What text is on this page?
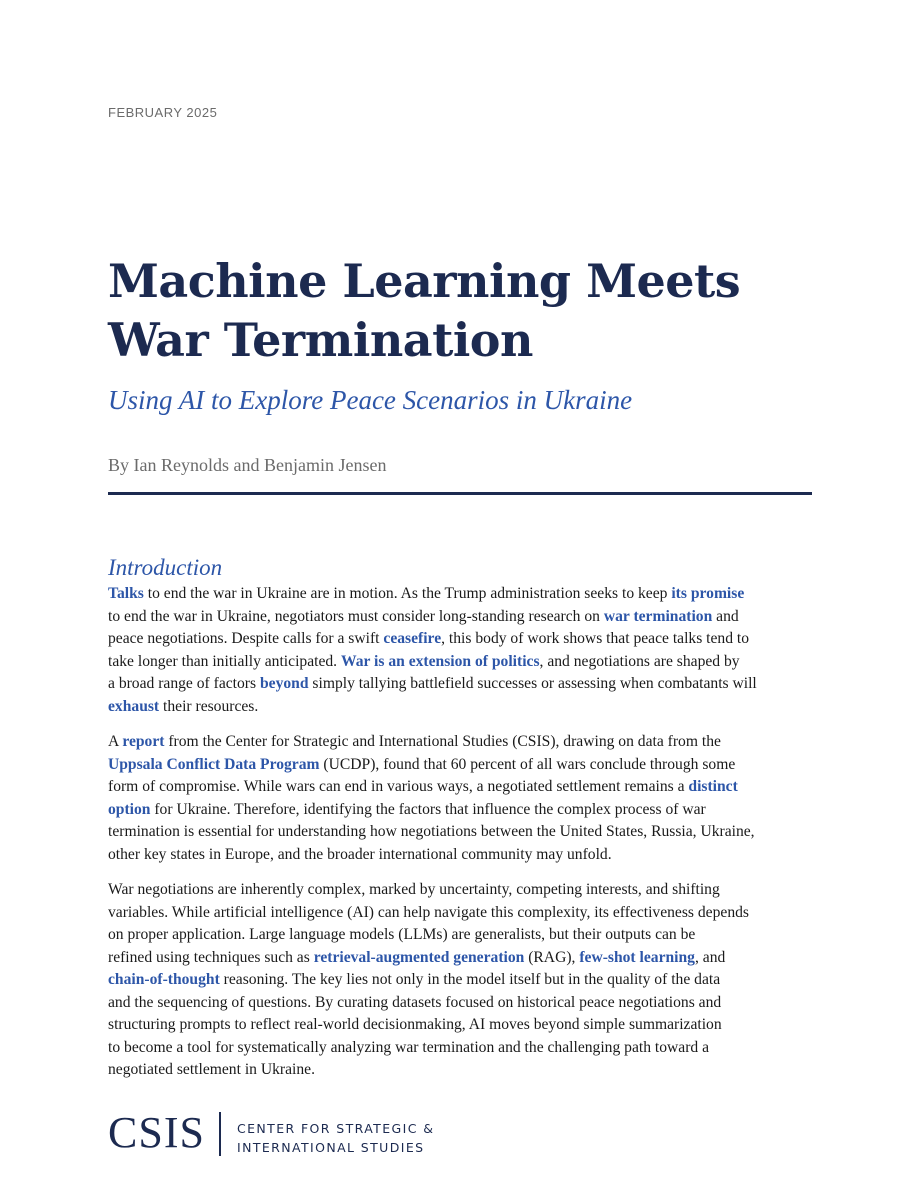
FEBRUARY 2025
Machine Learning Meets
War Termination
Using AI to Explore Peace Scenarios in Ukraine
By Ian Reynolds and Benjamin Jensen
Introduction

Talks to end the war in Ukraine are in motion. As the Trump administration seeks to keep its promise
to end the war in Ukraine, negotiators must consider long-standing research on war termination and
peace negotiations. Despite calls for a swift ceasefire, this body of work shows that peace talks tend to
take longer than initially anticipated. War is an extension of politics, and negotiations are shaped by
a broad range of factors beyond simply tallying battlefield successes or assessing when combatants will
exhaust their resources.

A report from the Center for Strategic and International Studies (CSIS), drawing on data from the
Uppsala Conflict Data Program (UCDP), found that 60 percent of all wars conclude through some
form of compromise. While wars can end in various ways, a negotiated settlement remains a distinct
option for Ukraine. Therefore, identifying the factors that influence the complex process of war
termination is essential for understanding how negotiations between the United States, Russia, Ukraine,
other key states in Europe, and the broader international community may unfold.

War negotiations are inherently complex, marked by uncertainty, competing interests, and shifting
variables. While artificial intelligence (AI) can help navigate this complexity, its effectiveness depends
on proper application. Large language models (LLMs) are generalists, but their outputs can be
refined using techniques such as retrieval-augmented generation (RAG), few-shot learning, and
chain-of-thought reasoning. The key lies not only in the model itself but in the quality of the data
and the sequencing of questions. By curating datasets focused on historical peace negotiations and
structuring prompts to reflect real-world decisionmaking, AI moves beyond simple summarization
to become a tool for systematically analyzing war termination and the challenging path toward a
negotiated settlement in Ukraine.

CSIS	CENTER FOR STRATEGIC &
INTERNATIONAL STUDIES
